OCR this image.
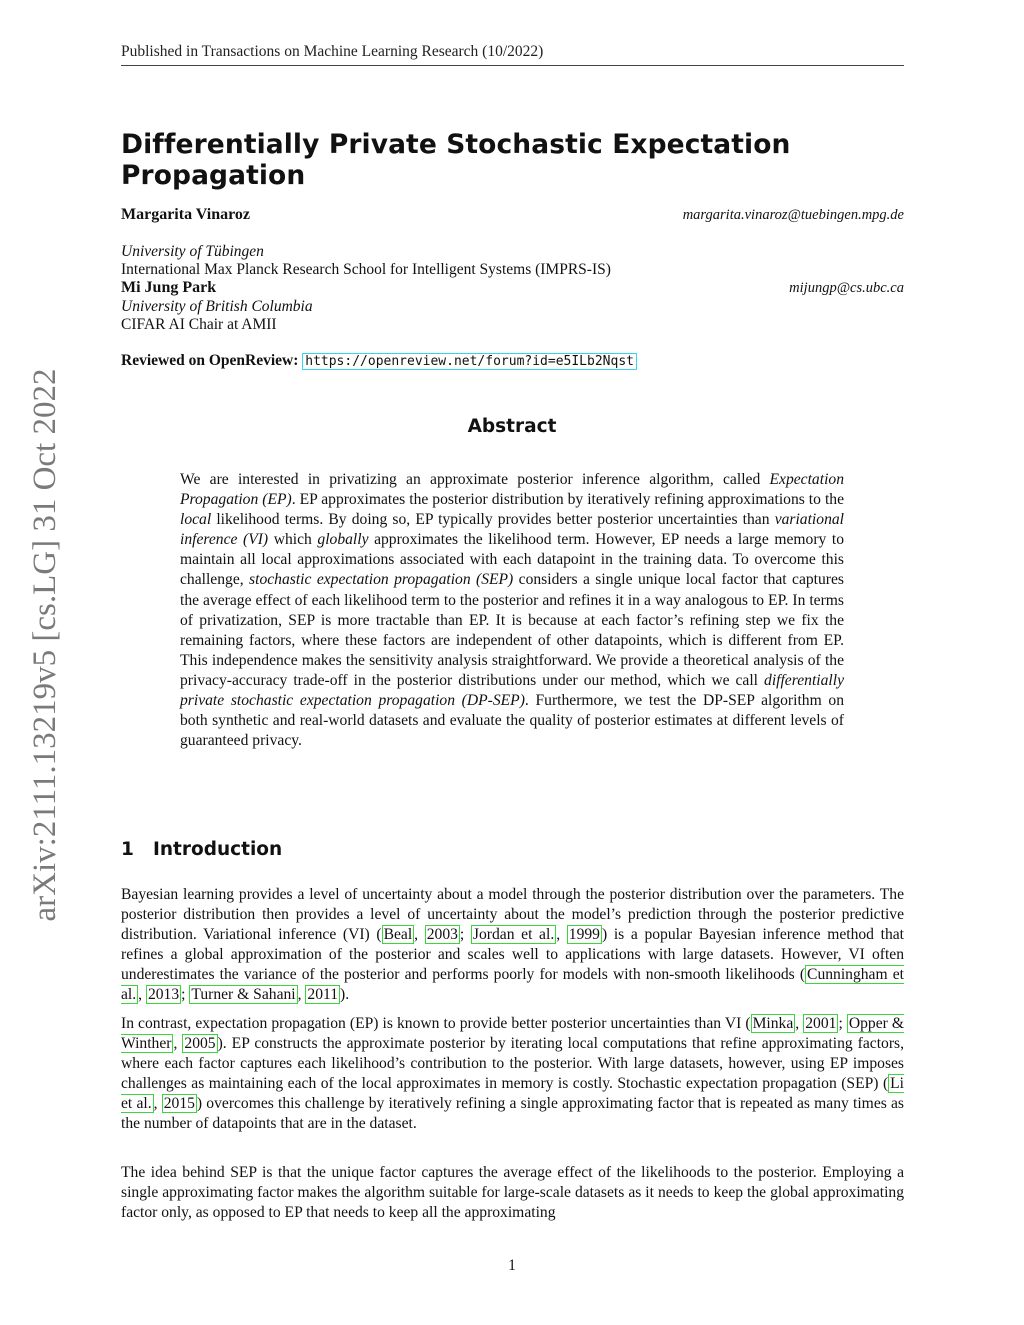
Published in Transactions on Machine Learning Research (10/2022)
arXiv:2111.13219v5 [cs.LG] 31 Oct 2022
Differentially Private Stochastic Expectation Propagation
Margarita Vinaroz	margarita.vinaroz@tuebingen.mpg.de
University of Tübingen
International Max Planck Research School for Intelligent Systems (IMPRS-IS)
Mi Jung Park	mijungp@cs.ubc.ca
University of British Columbia
CIFAR AI Chair at AMII
Reviewed on OpenReview: https://openreview.net/forum?id=e5ILb2Nqst
Abstract
We are interested in privatizing an approximate posterior inference algorithm, called Expectation Propagation (EP). EP approximates the posterior distribution by iteratively refining approximations to the local likelihood terms. By doing so, EP typically provides better posterior uncertainties than variational inference (VI) which globally approximates the likelihood term. However, EP needs a large memory to maintain all local approximations associated with each datapoint in the training data. To overcome this challenge, stochastic expectation propagation (SEP) considers a single unique local factor that captures the average effect of each likelihood term to the posterior and refines it in a way analogous to EP. In terms of privatization, SEP is more tractable than EP. It is because at each factor’s refining step we fix the remaining factors, where these factors are independent of other datapoints, which is different from EP. This independence makes the sensitivity analysis straightforward. We provide a theoretical analysis of the privacy-accuracy trade-off in the posterior distributions under our method, which we call differentially private stochastic expectation propagation (DP-SEP). Furthermore, we test the DP-SEP algorithm on both synthetic and real-world datasets and evaluate the quality of posterior estimates at different levels of guaranteed privacy.
1 Introduction
Bayesian learning provides a level of uncertainty about a model through the posterior distribution over the parameters. The posterior distribution then provides a level of uncertainty about the model’s prediction through the posterior predictive distribution. Variational inference (VI) ( Beal , 2003 ; Jordan et al. , 1999 ) is a popular Bayesian inference method that refines a global approximation of the posterior and scales well to applications with large datasets. However, VI often underestimates the variance of the posterior and performs poorly for models with non-smooth likelihoods ( Cunningham et al. , 2013 ; Turner & Sahani , 2011 ).
In contrast, expectation propagation (EP) is known to provide better posterior uncertainties than VI ( Minka , 2001 ; Opper & Winther , 2005 ). EP constructs the approximate posterior by iterating local computations that refine approximating factors, where each factor captures each likelihood’s contribution to the posterior. With large datasets, however, using EP imposes challenges as maintaining each of the local approximates in memory is costly. Stochastic expectation propagation (SEP) ( Li et al. , 2015 ) overcomes this challenge by iteratively refining a single approximating factor that is repeated as many times as the number of datapoints that are in the dataset.
The idea behind SEP is that the unique factor captures the average effect of the likelihoods to the posterior. Employing a single approximating factor makes the algorithm suitable for large-scale datasets as it needs to keep the global approximating factor only, as opposed to EP that needs to keep all the approximating
1
